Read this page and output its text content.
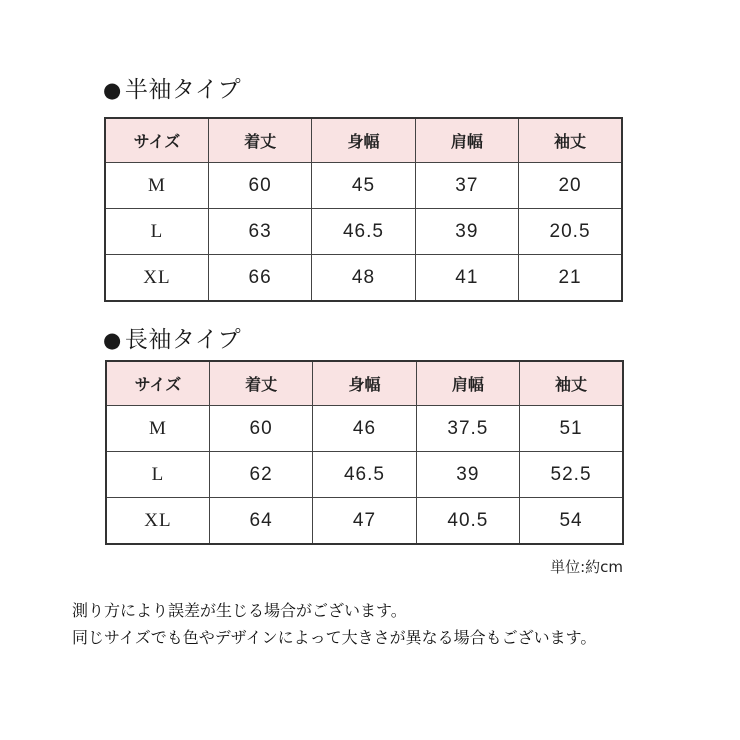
● 半袖タイプ
サイズ	着丈	身幅	肩幅	袖丈
M	60	45	37	20
L	63	46.5	39	20.5
XL	66	48	41	21
● 長袖タイプ
サイズ	着丈	身幅	肩幅	袖丈
M	60	46	37.5	51
L	62	46.5	39	52.5
XL	64	47	40.5	54
単位:約cm
測り方により誤差が生じる場合がございます。
同じサイズでも色やデザインによって大きさが異なる場合もございます。
